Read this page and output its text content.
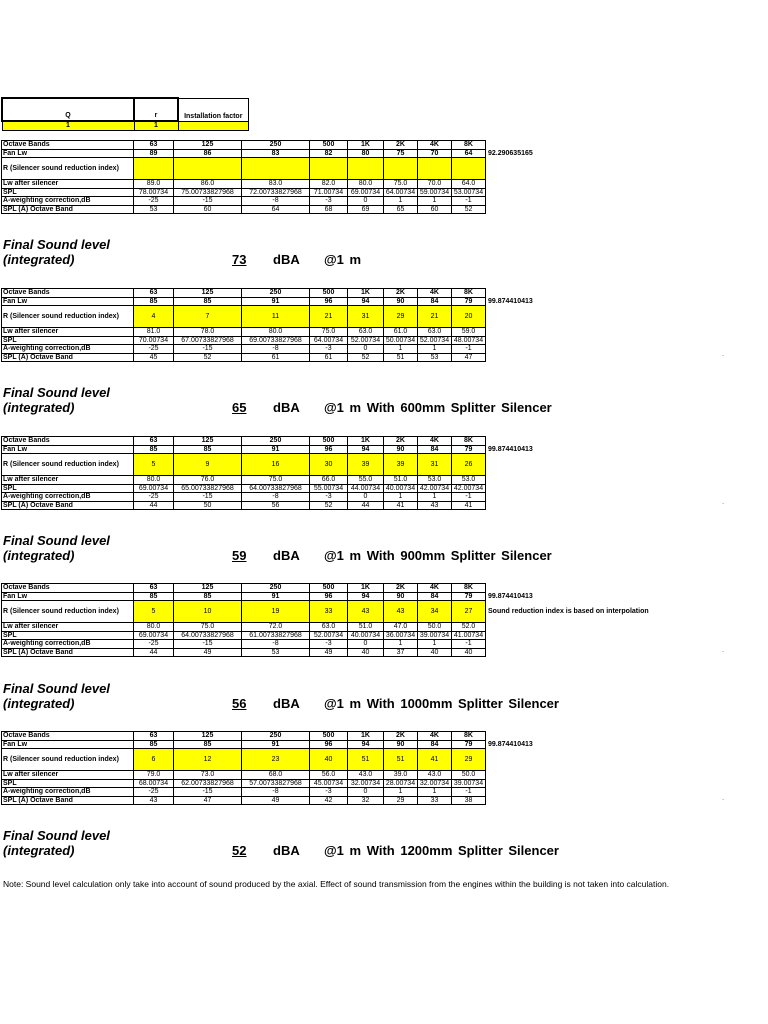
Q	r	Installation factor
1	1	
Octave Bands	63	125	250	500	1K	2K	4K	8K	
Fan Lw	89	86	83	82	80	75	70	64	92.290635165
R (Silencer sound reduction index)									
Lw after silencer	89.0	86.0	83.0	82.0	80.0	75.0	70.0	64.0	
SPL	78.00734	75.00733827968	72.00733827968	71.00734	69.00734	64.00734	59.00734	53.00734	
A-weighting correction,dB	-25	-15	-8	-3	0	1	1	-1	
SPL (A) Octave Band	53	60	64	68	69	65	60	52	
Final Sound level
(integrated)	73 dBA @1 m
Octave Bands	63	125	250	500	1K	2K	4K	8K	
Fan Lw	85	85	91	96	94	90	84	79	99.874410413
R (Silencer sound reduction index)	4	7	11	21	31	29	21	20	
Lw after silencer	81.0	78.0	80.0	75.0	63.0	61.0	63.0	59.0	
SPL	70.00734	67.00733827968	69.00733827968	64.00734	52.00734	50.00734	52.00734	48.00734	
A-weighting correction,dB	-25	-15	-8	-3	0	1	1	-1	
SPL (A) Octave Band	45	52	61	61	52	51	53	47	
Final Sound level
(integrated)	65 dBA @1 m With 600mm Splitter Silencer
Octave Bands	63	125	250	500	1K	2K	4K	8K	
Fan Lw	85	85	91	96	94	90	84	79	99.874410413
R (Silencer sound reduction index)	5	9	16	30	39	39	31	26	
Lw after silencer	80.0	76.0	75.0	66.0	55.0	51.0	53.0	53.0	
SPL	69.00734	65.00733827968	64.00733827968	55.00734	44.00734	40.00734	42.00734	42.00734	
A-weighting correction,dB	-25	-15	-8	-3	0	1	1	-1	
SPL (A) Octave Band	44	50	56	52	44	41	43	41	
Final Sound level
(integrated)	59 dBA @1 m With 900mm Splitter Silencer
Octave Bands	63	125	250	500	1K	2K	4K	8K	
Fan Lw	85	85	91	96	94	90	84	79	99.874410413
R (Silencer sound reduction index)	5	10	19	33	43	43	34	27	Sound reduction index is based on interpolation
Lw after silencer	80.0	75.0	72.0	63.0	51.0	47.0	50.0	52.0	
SPL	69.00734	64.00733827968	61.00733827968	52.00734	40.00734	36.00734	39.00734	41.00734	
A-weighting correction,dB	-25	-15	-8	-3	0	1	1	-1	
SPL (A) Octave Band	44	49	53	49	40	37	40	40	
Final Sound level
(integrated)	56 dBA @1 m With 1000mm Splitter Silencer
Octave Bands	63	125	250	500	1K	2K	4K	8K	
Fan Lw	85	85	91	96	94	90	84	79	99.874410413
R (Silencer sound reduction index)	6	12	23	40	51	51	41	29	
Lw after silencer	79.0	73.0	68.0	56.0	43.0	39.0	43.0	50.0	
SPL	68.00734	62.00733827968	57.00733827968	45.00734	32.00734	28.00734	32.00734	39.00734	
A-weighting correction,dB	-25	-15	-8	-3	0	1	1	-1	
SPL (A) Octave Band	43	47	49	42	32	29	33	38	
Final Sound level
(integrated)	52 dBA @1 m With 1200mm Splitter Silencer
Note: Sound level calculation only take into account of sound produced by the axial. Effect of sound transmission from the engines within the building is not taken into calculation.
.
.
.
.
